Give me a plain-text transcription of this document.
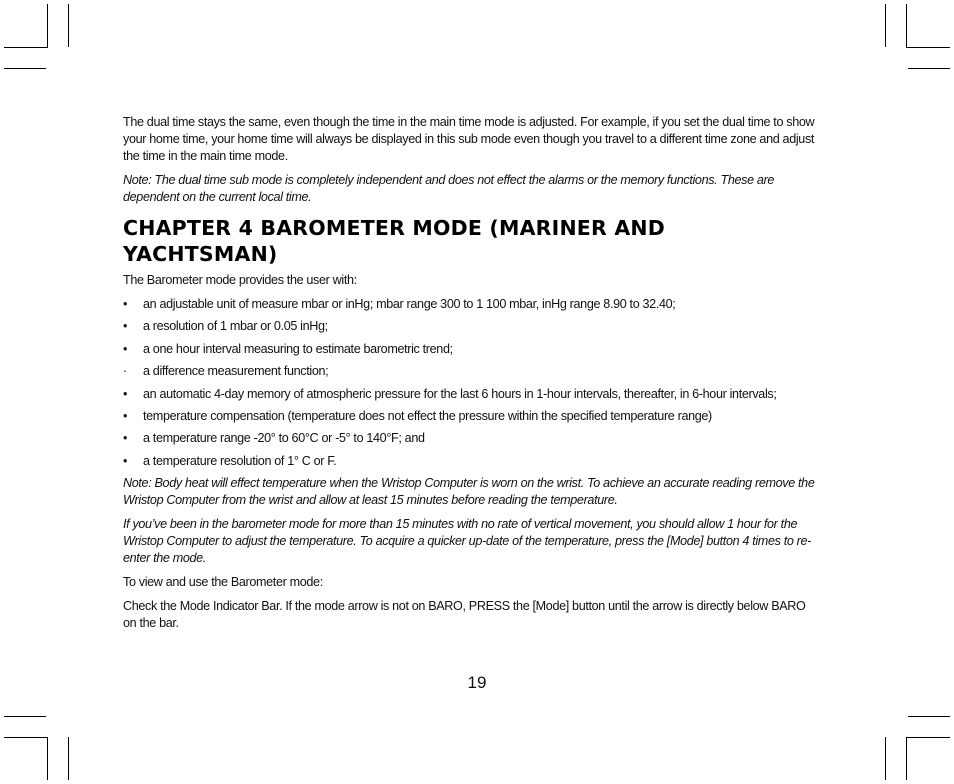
The dual time stays the same, even though the time in the main time mode is adjusted. For example, if you set the dual time to show your home time, your home time will always be displayed in this sub mode even though you travel to a different time zone and adjust the time in the main time mode.

Note: The dual time sub mode is completely independent and does not effect the alarms or the memory functions. These are dependent on the current local time.

CHAPTER 4 BAROMETER MODE (MARINER AND
YACHTSMAN)

The Barometer mode provides the user with:

• an adjustable unit of measure mbar or inHg; mbar range 300 to 1 100 mbar, inHg range 8.90 to 32.40;
• a resolution of 1 mbar or 0.05 inHg;
• a one hour interval measuring to estimate barometric trend;
· a difference measurement function;
• an automatic 4-day memory of atmospheric pressure for the last 6 hours in 1-hour intervals, thereafter, in 6-hour intervals;
• temperature compensation (temperature does not effect the pressure within the specified temperature range)
• a temperature range -20° to 60°C or -5° to 140°F; and
• a temperature resolution of 1° C or F.

Note: Body heat will effect temperature when the Wristop Computer is worn on the wrist. To achieve an accurate reading remove the Wristop Computer from the wrist and allow at least 15 minutes before reading the temperature.

If you’ve been in the barometer mode for more than 15 minutes with no rate of vertical movement, you should allow 1 hour for the Wristop Computer to adjust the temperature. To acquire a quicker up-date of the temperature, press the [Mode] button 4 times to re-enter the mode.

To view and use the Barometer mode:

Check the Mode Indicator Bar. If the mode arrow is not on BARO, PRESS the [Mode] button until the arrow is directly below BARO on the bar.

19
